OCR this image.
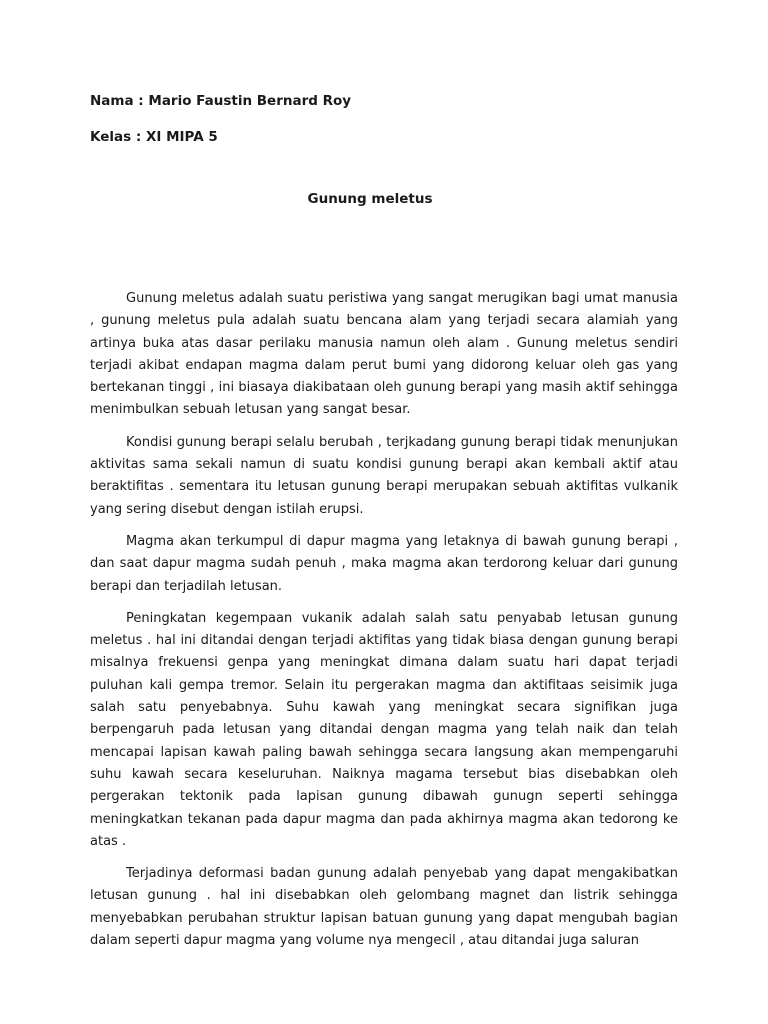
Nama : Mario Faustin Bernard Roy
Kelas : XI MIPA 5
Gunung meletus

Gunung meletus adalah suatu peristiwa yang sangat merugikan bagi umat manusia , gunung meletus pula adalah suatu bencana alam yang terjadi secara alamiah yang artinya buka atas dasar perilaku manusia namun oleh alam . Gunung meletus sendiri terjadi akibat endapan magma dalam perut bumi yang didorong keluar oleh gas yang bertekanan tinggi , ini biasaya diakibataan oleh gunung berapi yang masih aktif sehingga menimbulkan sebuah letusan yang sangat besar.

Kondisi gunung berapi selalu berubah , terjkadang gunung berapi tidak menunjukan aktivitas sama sekali namun di suatu kondisi gunung berapi akan kembali aktif atau beraktifitas . sementara itu letusan gunung berapi merupakan sebuah aktifitas vulkanik yang sering disebut dengan istilah erupsi.

Magma akan terkumpul di dapur magma yang letaknya di bawah gunung berapi , dan saat dapur magma sudah penuh , maka magma akan terdorong keluar dari gunung berapi dan terjadilah letusan.

Peningkatan kegempaan vukanik adalah salah satu penyabab letusan gunung meletus . hal ini ditandai dengan terjadi aktifitas yang tidak biasa dengan gunung berapi misalnya frekuensi genpa yang meningkat dimana dalam suatu hari dapat terjadi puluhan kali gempa tremor. Selain itu pergerakan magma dan aktifitaas seisimik juga salah satu penyebabnya. Suhu kawah yang meningkat secara signifikan juga berpengaruh pada letusan yang ditandai dengan magma yang telah naik dan telah mencapai lapisan kawah paling bawah sehingga secara langsung akan mempengaruhi suhu kawah secara keseluruhan. Naiknya magama tersebut bias disebabkan oleh pergerakan tektonik pada lapisan gunung dibawah gunugn seperti sehingga meningkatkan tekanan pada dapur magma dan pada akhirnya magma akan tedorong ke atas .

Terjadinya deformasi badan gunung adalah penyebab yang dapat mengakibatkan letusan gunung . hal ini disebabkan oleh gelombang magnet dan listrik sehingga menyebabkan perubahan struktur lapisan batuan gunung yang dapat mengubah bagian dalam seperti dapur magma yang volume nya mengecil , atau ditandai juga saluran
